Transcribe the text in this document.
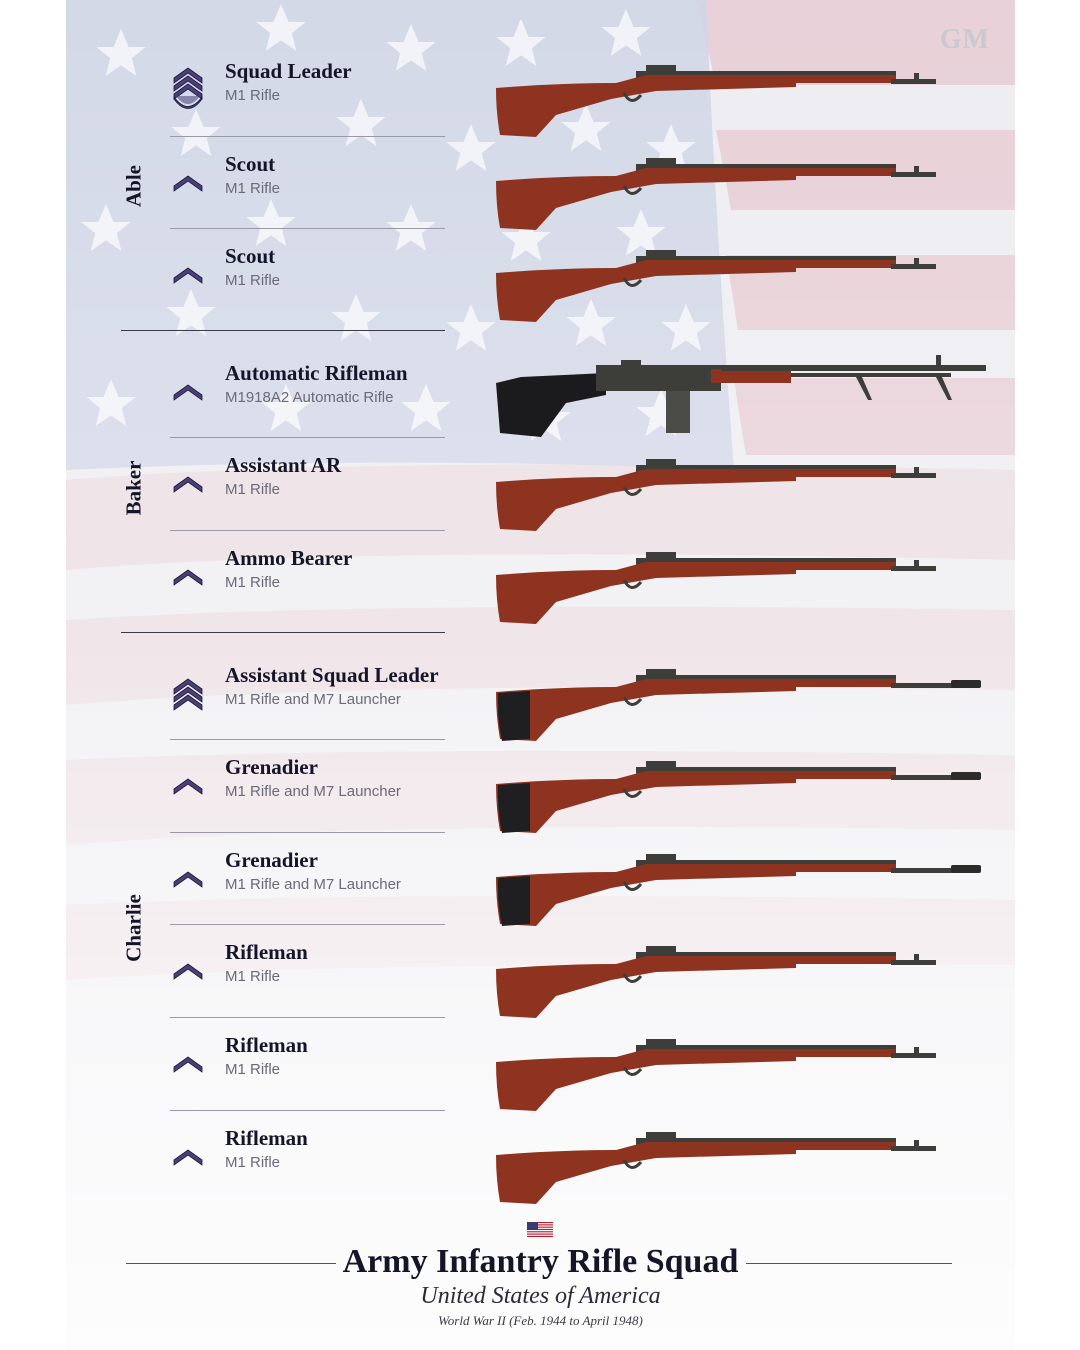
GM
Squad Leader
M1 Rifle
Scout
M1 Rifle
Scout
M1 Rifle
Able
Automatic Rifleman
M1918A2 Automatic Rifle
Assistant AR
M1 Rifle
Ammo Bearer
M1 Rifle
Baker
Assistant Squad Leader
M1 Rifle and M7 Launcher
Grenadier
M1 Rifle and M7 Launcher
Grenadier
M1 Rifle and M7 Launcher
Rifleman
M1 Rifle
Rifleman
M1 Rifle
Rifleman
M1 Rifle
Charlie
Army Infantry Rifle Squad
United States of America
World War II (Feb. 1944 to April 1948)
